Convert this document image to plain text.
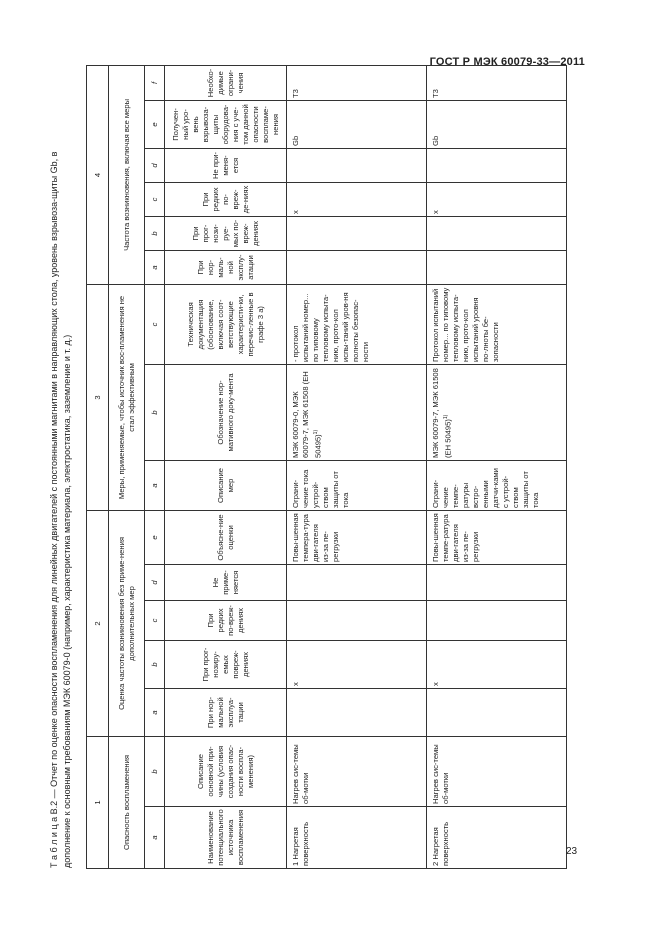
ГОСТ Р МЭК 60079-33—2011
Т а б л и ц а В.2 — Отчет по оценке опасности воспламенения для линейных двигателей с постоянными магнитами в направляющих стола, уровень взрывоза-щиты Gb, в дополнение к основным требованиям МЭК 60079-0 (например, характеристика материала, электростатика, заземление и т. д.)	1		2					3			4					
Опасность воспламенения		Оценка частоты возникновения без приме-нения дополнительных мер					Меры, применяемые, чтобы источник вос-пламенения не стал эффективным			Частота возникновения, включая все меры					
a	b	a	b	c	d	e	a	b	c	a	b	c	d	e	f
Наименование потенциального источника воспламенения	Описание основной при-чины (условия создания опас-ности воспла-менения)	При нор-мальной эксплуа-тации	При прог-нозиру-емых повреж-дениях	При редких по-вреж-дениях	Не приме-няется	Объясне-ние оценки	Описание мер	Обозначение нор-мативного доку-мента	Техническая документация (обоснование, включая соот-ветствующие характеристи-ки, перечис-ленные в графе 3 а)	При нор-маль-ной эксплу-атации	При прог-нози-руе-мых по-вреж-дениях	При редких по-вреж-де-ниях	Не при-меня-ется	Получен-ный уро-вень взрывоза-щиты оборудова-ния с уче-том данной опасности воспламе-нения	Необхо-димые ограни-чения
1 Нагретая поверхность	Нагрев сис-темы об-мотки		x			Повы-шенная темпера-тура дви-гателя из-за пе-регрузки	Ограни-чение тока устрой-ством защиты от тока	МЭК 60079-0, МЭК 60079-7, МЭК 61508 (ЕН 50495)$^{1)}$	- протокол испытаний номер... по типовому тепловому испыта-нию, прото-кол испы-таний уров-ня полноты безопас-ности			x		Gb	T3
2 Нагретая поверхность	Нагрев сис-темы об-мотки		x			Повы-шенная темпе-ратура дви-гателя из-за пе-регрузки	Ограни-чение темпе-ратуры встро-енными датчи-ками с устрой-ством защиты от тока	МЭК 60079-7, МЭК 61508 (ЕН 50495)$^{1)}$	Протокол испытаний номер... по типовому тепловому испыта-нию, прото-кол испытаний уровня по-лноты бе-зопасности			x		Gb	T3
23
